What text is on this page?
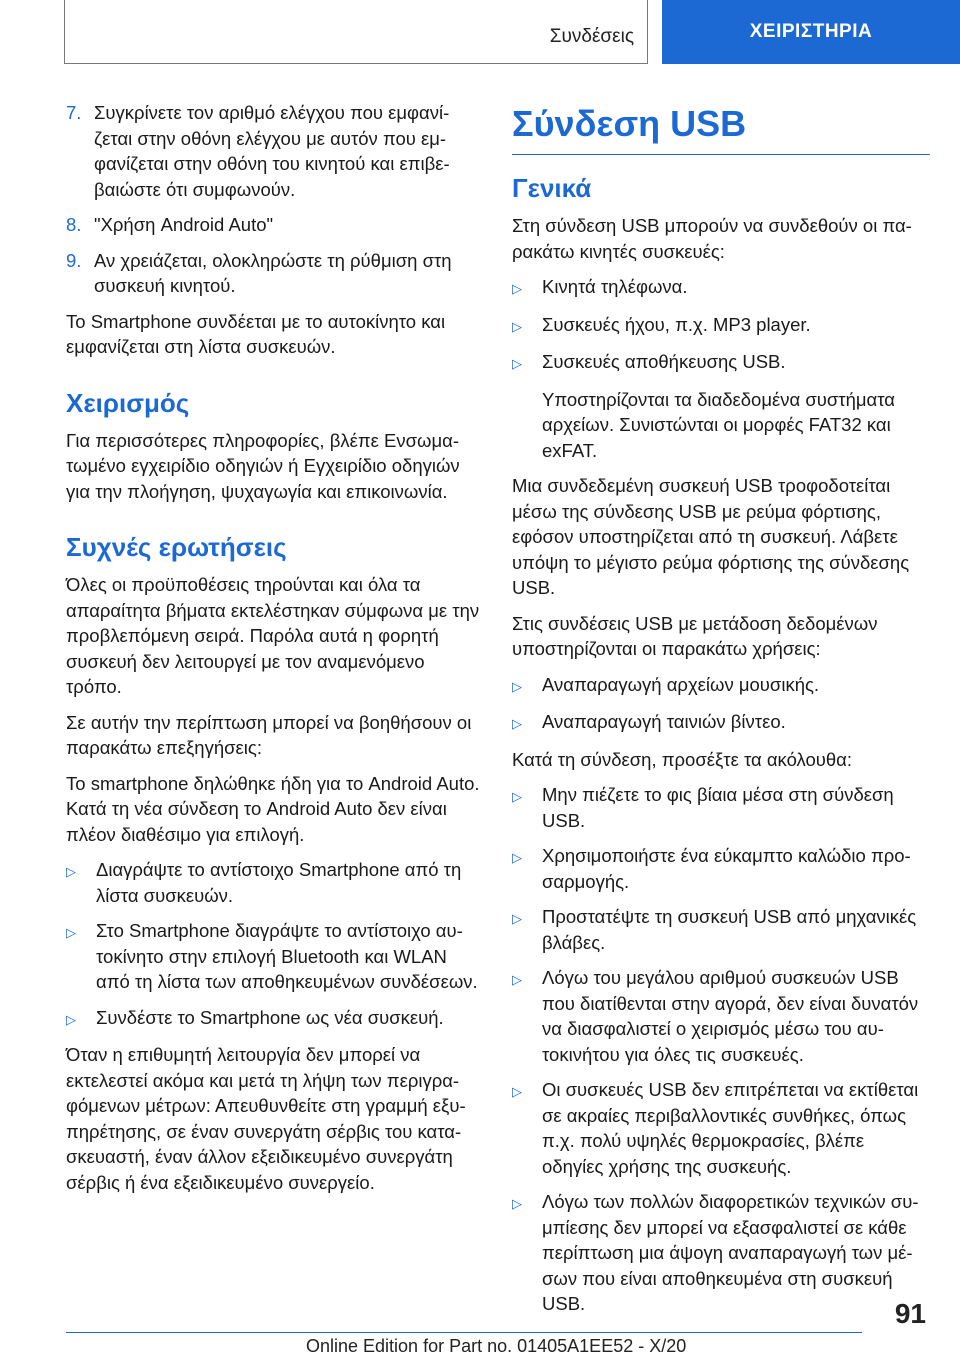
Συνδέσεις	ΧΕΙΡΙΣΤΗΡΙΑ
7. Συγκρίνετε τον αριθμό ελέγχου που εμφανίζεται στην οθόνη ελέγχου με αυτόν που εμφανίζεται στην οθόνη του κινητού και επιβεβαιώστε ότι συμφωνούν.
8. "Χρήση Android Auto"
9. Αν χρειάζεται, ολοκληρώστε τη ρύθμιση στη συσκευή κινητού.

Το Smartphone συνδέεται με το αυτοκίνητο και εμφανίζεται στη λίστα συσκευών.

Χειρισμός

Για περισσότερες πληροφορίες, βλέπε Ενσωματωμένο εγχειρίδιο οδηγιών ή Εγχειρίδιο οδηγιών για την πλοήγηση, ψυχαγωγία και επικοινωνία.

Συχνές ερωτήσεις

Όλες οι προϋποθέσεις τηρούνται και όλα τα απαραίτητα βήματα εκτελέστηκαν σύμφωνα με την προβλεπόμενη σειρά. Παρόλα αυτά η φορητή συσκευή δεν λειτουργεί με τον αναμενόμενο τρόπο.

Σε αυτήν την περίπτωση μπορεί να βοηθήσουν οι παρακάτω επεξηγήσεις:

Το smartphone δηλώθηκε ήδη για το Android Auto. Κατά τη νέα σύνδεση το Android Auto δεν είναι πλέον διαθέσιμο για επιλογή.

▷	Διαγράψτε το αντίστοιχο Smartphone από τη λίστα συσκευών.
▷	Στο Smartphone διαγράψτε το αντίστοιχο αυτοκίνητο στην επιλογή Bluetooth και WLAN από τη λίστα των αποθηκευμένων συνδέσεων.
▷	Συνδέστε το Smartphone ως νέα συσκευή.

Όταν η επιθυμητή λειτουργία δεν μπορεί να εκτελεστεί ακόμα και μετά τη λήψη των περιγραφόμενων μέτρων: Απευθυνθείτε στη γραμμή εξυπηρέτησης, σε έναν συνεργάτη σέρβις του κατασκευαστή, έναν άλλον εξειδικευμένο συνεργάτη σέρβις ή ένα εξειδικευμένο συνεργείο.

Σύνδεση USB
Γενικά

Στη σύνδεση USB μπορούν να συνδεθούν οι παρακάτω κινητές συσκευές:

▷	Κινητά τηλέφωνα.
▷	Συσκευές ήχου, π.χ. MP3 player.
▷	Συσκευές αποθήκευσης USB.

Υποστηρίζονται τα διαδεδομένα συστήματα αρχείων. Συνιστώνται οι μορφές FAT32 και exFAT.

Μια συνδεδεμένη συσκευή USB τροφοδοτείται μέσω της σύνδεσης USB με ρεύμα φόρτισης, εφόσον υποστηρίζεται από τη συσκευή. Λάβετε υπόψη το μέγιστο ρεύμα φόρτισης της σύνδεσης USB.

Στις συνδέσεις USB με μετάδοση δεδομένων υποστηρίζονται οι παρακάτω χρήσεις:

▷	Αναπαραγωγή αρχείων μουσικής.
▷	Αναπαραγωγή ταινιών βίντεο.

Κατά τη σύνδεση, προσέξτε τα ακόλουθα:

▷	Μην πιέζετε το φις βίαια μέσα στη σύνδεση USB.
▷	Χρησιμοποιήστε ένα εύκαμπτο καλώδιο προσαρμογής.
▷	Προστατέψτε τη συσκευή USB από μηχανικές βλάβες.
▷	Λόγω του μεγάλου αριθμού συσκευών USB που διατίθενται στην αγορά, δεν είναι δυνατόν να διασφαλιστεί ο χειρισμός μέσω του αυτοκινήτου για όλες τις συσκευές.
▷	Οι συσκευές USB δεν επιτρέπεται να εκτίθεται σε ακραίες περιβαλλοντικές συνθήκες, όπως π.χ. πολύ υψηλές θερμοκρασίες, βλέπε οδηγίες χρήσης της συσκευής.
▷	Λόγω των πολλών διαφορετικών τεχνικών συμπίεσης δεν μπορεί να εξασφαλιστεί σε κάθε περίπτωση μια άψογη αναπαραγωγή των μέσων που είναι αποθηκευμένα στη συσκευή USB.	91
Online Edition for Part no. 01405A1EE52 - X/20
